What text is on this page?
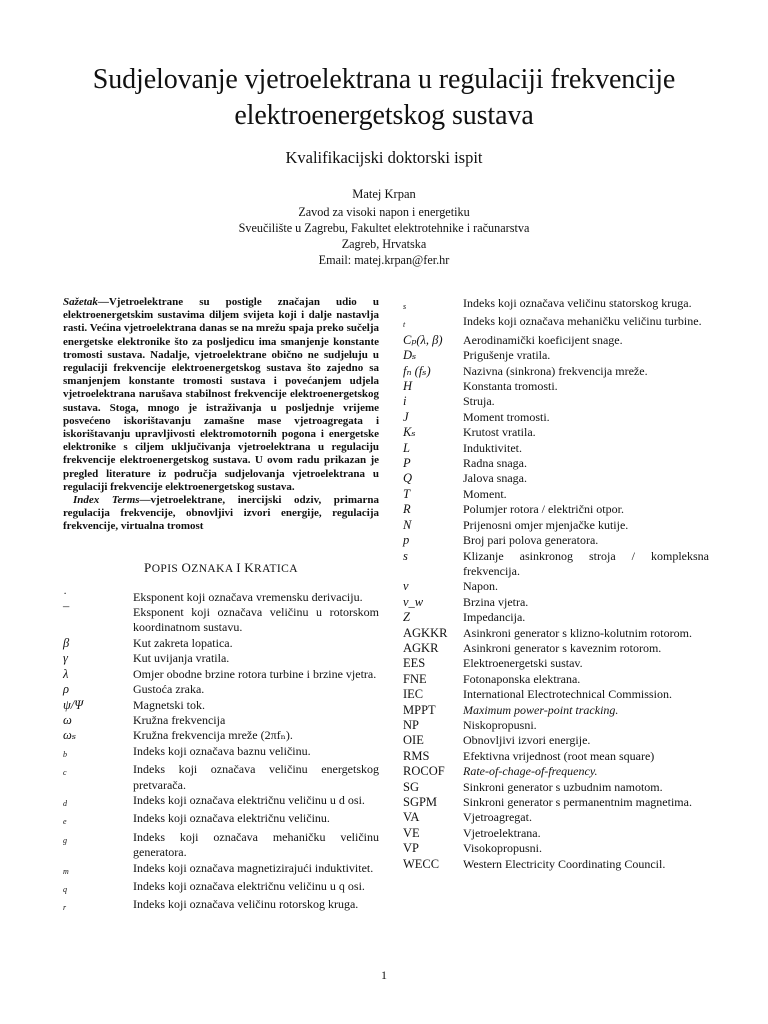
Sudjelovanje vjetroelektrana u regulaciji frekvencije
elektroenergetskog sustava
Kvalifikacijski doktorski ispit
Matej Krpan
Zavod za visoki napon i energetiku
Sveučilište u Zagrebu, Fakultet elektrotehnike i računarstva
Zagreb, Hrvatska
Email: matej.krpan@fer.hr

Sažetak—Vjetroelektrane su postigle značajan udio u elektroenergetskim sustavima diljem svijeta koji i dalje nastavlja rasti. Većina vjetroelektrana danas se na mrežu spaja preko sučelja energetske elektronike što za posljedicu ima smanjenje konstante tromosti sustava. Nadalje, vjetroelektrane obično ne sudjeluju u regulaciji frekvencije elektroenergetskog sustava što zajedno sa smanjenjem konstante tromosti sustava i povećanjem udjela vjetroelektrana narušava stabilnost frekvencije elektroenergetskog sustava. Stoga, mnogo je istraživanja u posljednje vrijeme posvećeno iskorištavanju zamašne mase vjetroagregata i iskorištavanju upravljivosti elektromotornih pogona i energetske elektronike s ciljem uključivanja vjetroelektrana u regulaciju frekvencije elektroenergetskog sustava. U ovom radu prikazan je pregled literature iz područja sudjelovanja vjetroelektrana u regulaciji frekvencije elektroenergetskog sustava.

Index Terms—vjetroelektrane, inercijski odziv, primarna regulacija frekvencije, obnovljivi izvori energije, regulacija frekvencije, virtualna tromost

POPIS OZNAKA I KRATICA
˙	Eksponent koji označava vremensku derivaciju.
¯	Eksponent koji označava veličinu u rotorskom koordinatnom sustavu.
β	Kut zakreta lopatica.
γ	Kut uvijanja vratila.
λ	Omjer obodne brzine rotora turbine i brzine vjetra.
ρ	Gustoća zraka.
ψ/Ψ	Magnetski tok.
ω	Kružna frekvencija
ωₛ	Kružna frekvencija mreže (2πfₙ).
b	Indeks koji označava baznu veličinu.
c	Indeks koji označava veličinu energetskog pretvarača.
d	Indeks koji označava električnu veličinu u d osi.
e	Indeks koji označava električnu veličinu.
g	Indeks koji označava mehaničku veličinu generatora.
m	Indeks koji označava magnetizirajući induktivitet.
q	Indeks koji označava električnu veličinu u q osi.
r	Indeks koji označava veličinu rotorskog kruga.
s	Indeks koji označava veličinu statorskog kruga.
t	Indeks koji označava mehaničku veličinu turbine.
Cₚ(λ, β)	Aerodinamički koeficijent snage.
Dₛ	Prigušenje vratila.
fₙ (fₛ)	Nazivna (sinkrona) frekvencija mreže.
H	Konstanta tromosti.
i	Struja.
J	Moment tromosti.
Kₛ	Krutost vratila.
L	Induktivitet.
P	Radna snaga.
Q	Jalova snaga.
T	Moment.
R	Polumjer rotora / električni otpor.
N	Prijenosni omjer mjenjačke kutije.
p	Broj pari polova generatora.
s	Klizanje asinkronog stroja / kompleksna frekvencija.
v	Napon.
v_w	Brzina vjetra.
Z	Impedancija.
AGKKR	Asinkroni generator s klizno-kolutnim rotorom.
AGKR	Asinkroni generator s kaveznim rotorom.
EES	Elektroenergetski sustav.
FNE	Fotonaponska elektrana.
IEC	International Electrotechnical Commission.
MPPT	Maximum power-point tracking.
NP	Niskopropusni.
OIE	Obnovljivi izvori energije.
RMS	Efektivna vrijednost (root mean square)
ROCOF	Rate-of-chage-of-frequency.
SG	Sinkroni generator s uzbudnim namotom.
SGPM	Sinkroni generator s permanentnim magnetima.
VA	Vjetroagregat.
VE	Vjetroelektrana.
VP	Visokopropusni.
WECC	Western Electricity Coordinating Council.
1
